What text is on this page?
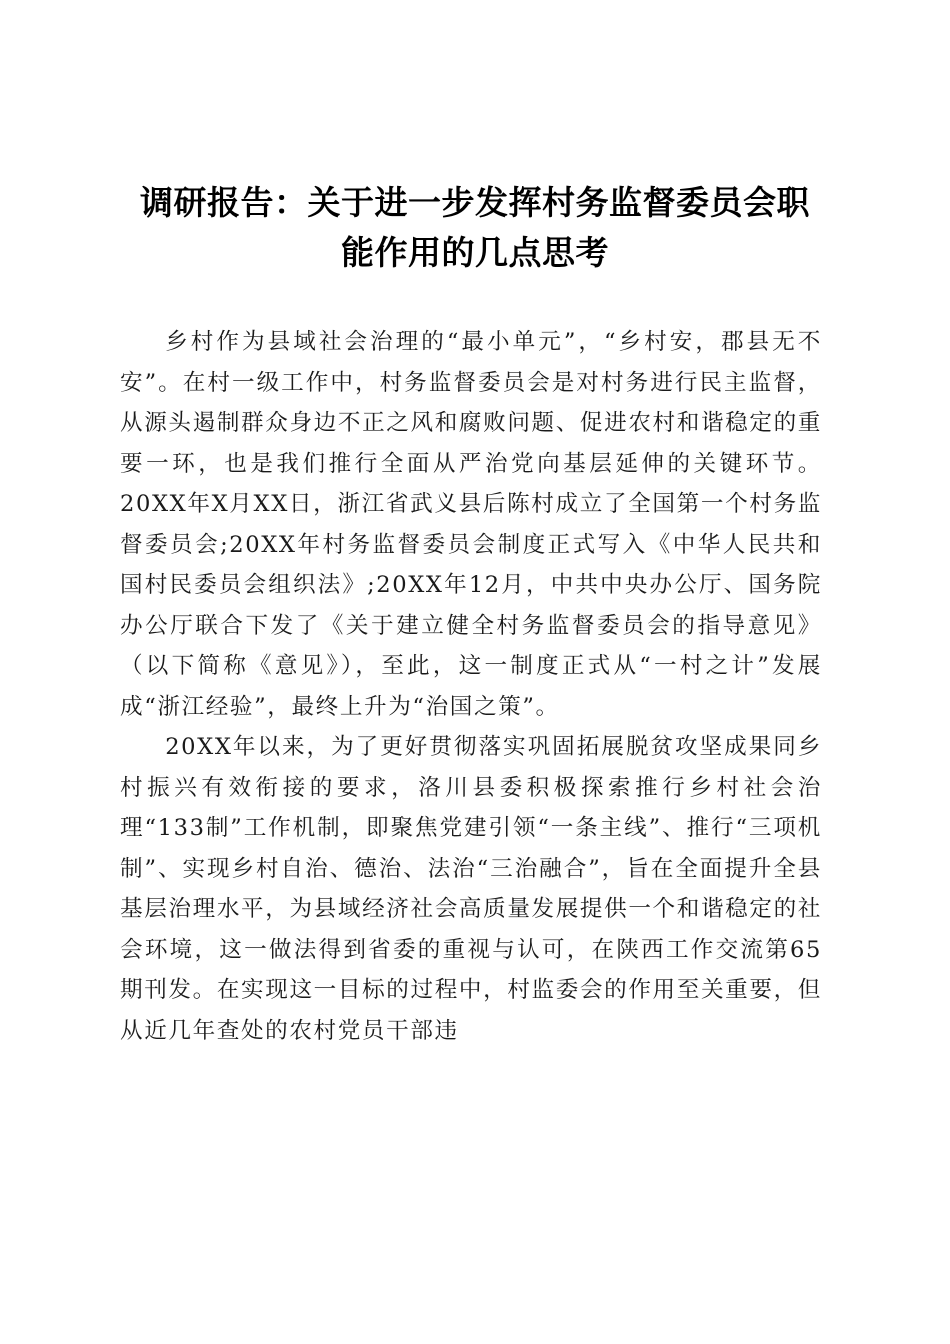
调研报告：关于进一步发挥村务监督委员会职
能作用的几点思考

乡村作为县域社会治理的“最小单元”，“乡村安，郡县无不安”。在村一级工作中，村务监督委员会是对村务进行民主监督，从源头遏制群众身边不正之风和腐败问题、促进农村和谐稳定的重要一环，也是我们推行全面从严治党向基层延伸的关键环节。20XX年X月XX日，浙江省武义县后陈村成立了全国第一个村务监督委员会;20XX年村务监督委员会制度正式写入《中华人民共和国村民委员会组织法》;20XX年12月，中共中央办公厅、国务院办公厅联合下发了《关于建立健全村务监督委员会的指导意见》（以下简称《意见》），至此，这一制度正式从“一村之计”发展成“浙江经验”，最终上升为“治国之策”。

20XX年以来，为了更好贯彻落实巩固拓展脱贫攻坚成果同乡村振兴有效衔接的要求，洛川县委积极探索推行乡村社会治理“133制”工作机制，即聚焦党建引领“一条主线”、推行“三项机制”、实现乡村自治、德治、法治“三治融合”，旨在全面提升全县基层治理水平，为县域经济社会高质量发展提供一个和谐稳定的社会环境，这一做法得到省委的重视与认可，在陕西工作交流第65期刊发。在实现这一目标的过程中，村监委会的作用至关重要，但从近几年查处的农村党员干部违
